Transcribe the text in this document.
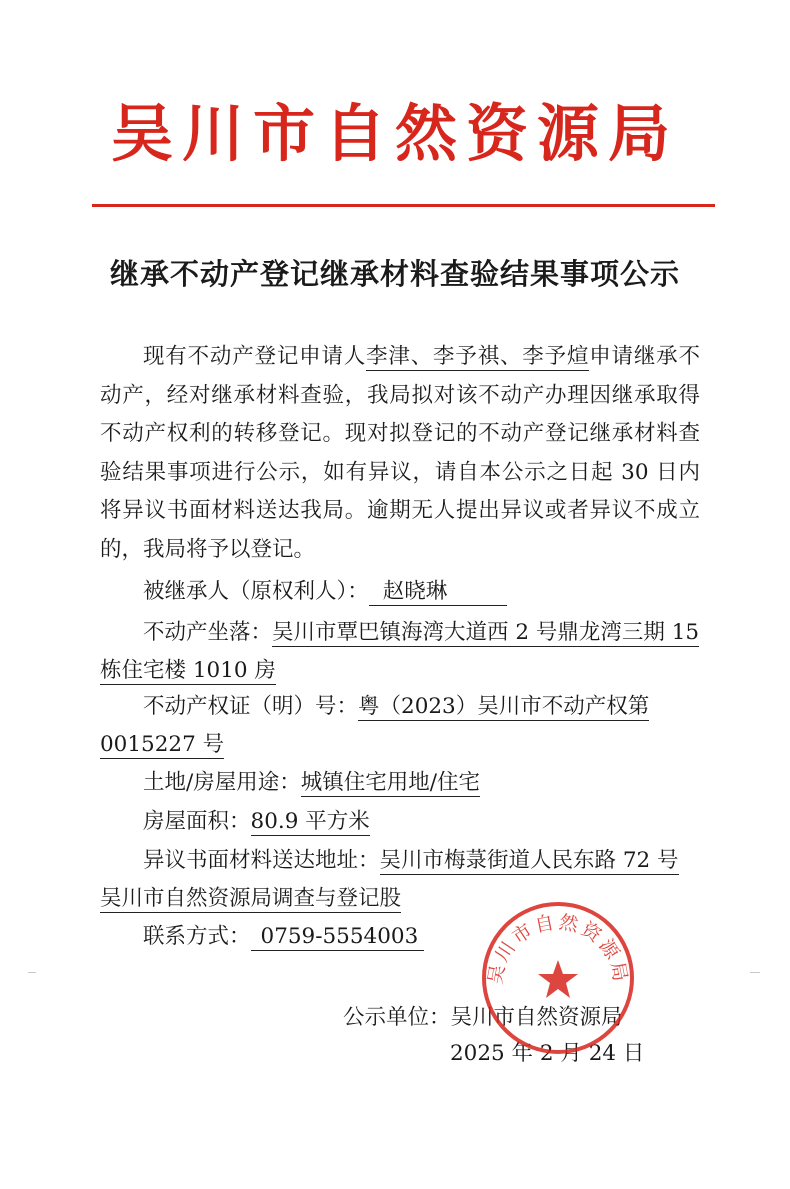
吴川市自然资源局
继承不动产登记继承材料查验结果事项公示

现有不动产登记申请人李津、李予祺、李予煊申请继承不动产，经对继承材料查验，我局拟对该不动产办理因继承取得不动产权利的转移登记。现对拟登记的不动产登记继承材料查验结果事项进行公示，如有异议，请自本公示之日起 30 日内将异议书面材料送达我局。逾期无人提出异议或者异议不成立的，我局将予以登记。

被继承人（原权利人）： 赵晓琳

不动产坐落：吴川市覃巴镇海湾大道西 2 号鼎龙湾三期 15 栋住宅楼 1010 房

不动产权证（明）号：粤（2023）吴川市不动产权第 0015227 号

土地/房屋用途：城镇住宅用地/住宅

房屋面积：80.9 平方米

异议书面材料送达地址：吴川市梅菉街道人民东路 72 号吴川市自然资源局调查与登记股

联系方式： 0759-5554003

公示单位：吴川市自然资源局
2025 年 2 月 24 日
吴川市自然资源局
